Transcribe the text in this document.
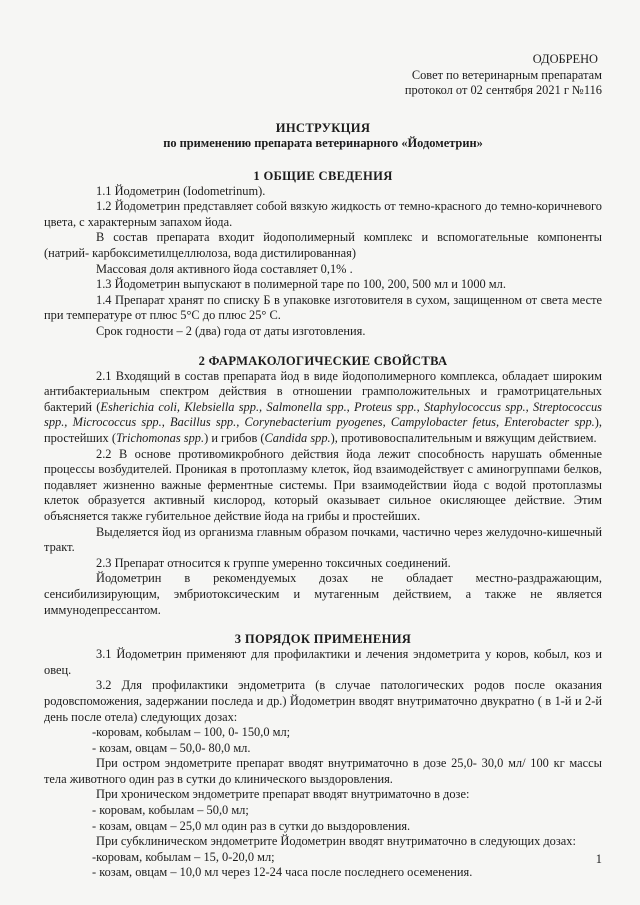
ОДОБРЕНО
Совет по ветеринарным препаратам
протокол от 02 сентября 2021 г №116
ИНСТРУКЦИЯ
по применению препарата ветеринарного «Йодометрин»
1 ОБЩИЕ СВЕДЕНИЯ

1.1 Йодометрин (Iodometrinum).

1.2 Йодометрин представляет собой вязкую жидкость от темно-красного до темно-коричневого цвета, с характерным запахом йода.

В состав препарата входит йодополимерный комплекс и вспомогательные компоненты (натрий- карбоксиметилцеллюлоза, вода дистилированная)

Массовая доля активного йода составляет 0,1% .

1.3 Йодометрин выпускают в полимерной таре по 100, 200, 500 мл и 1000 мл.

1.4 Препарат хранят по списку Б в упаковке изготовителя в сухом, защищенном от света месте при температуре от плюс 5°С до плюс 25° С.

Срок годности – 2 (два) года от даты изготовления.

2 ФАРМАКОЛОГИЧЕСКИЕ СВОЙСТВА

2.1 Входящий в состав препарата йод в виде йодополимерного комплекса, обладает широким антибактериальным спектром действия в отношении грамположительных и грамотрицательных бактерий (Esherichia coli, Klebsiella spp., Salmonella spp., Proteus spp., Staphylococcus spp., Streptococcus spp., Micrococcus spp., Bacillus spp., Corynebacterium pyogenes, Campylobacter fetus, Enterobacter spp.), простейших (Trichomonas spp.) и грибов (Candida spp.), противовоспалительным и вяжущим действием.

2.2 В основе противомикробного действия йода лежит способность нарушать обменные процессы возбудителей. Проникая в протоплазму клеток, йод взаимодействует с аминогруппами белков, подавляет жизненно важные ферментные системы. При взаимодействии йода с водой протоплазмы клеток образуется активный кислород, который оказывает сильное окисляющее действие. Этим объясняется также губительное действие йода на грибы и простейших.

Выделяется йод из организма главным образом почками, частично через желудочно-кишечный тракт.

2.3 Препарат относится к группе умеренно токсичных соединений.

Йодометрин в рекомендуемых дозах не обладает местно-раздражающим, сенсибилизирующим, эмбриотоксическим и мутагенным действием, а также не является иммунодепрессантом.

3 ПОРЯДОК ПРИМЕНЕНИЯ

3.1 Йодометрин применяют для профилактики и лечения эндометрита у коров, кобыл, коз и овец.

3.2 Для профилактики эндометрита (в случае патологических родов после оказания родовспоможения, задержании последа и др.) Йодометрин вводят внутриматочно двукратно ( в 1-й и 2-й день после отела) следующих дозах:

-коровам, кобылам – 100, 0- 150,0 мл;

- козам, овцам – 50,0- 80,0 мл.

При остром эндометрите препарат вводят внутриматочно в дозе 25,0- 30,0 мл/ 100 кг массы тела животного один раз в сутки до клинического выздоровления.

При хроническом эндометрите препарат вводят внутриматочно в дозе:

- коровам, кобылам – 50,0 мл;

- козам, овцам – 25,0 мл один раз в сутки до выздоровления.

При субклиническом эндометрите Йодометрин вводят внутриматочно в следующих дозах:

-коровам, кобылам – 15, 0-20,0 мл;

- козам, овцам – 10,0 мл через 12-24 часа после последнего осеменения.

1
